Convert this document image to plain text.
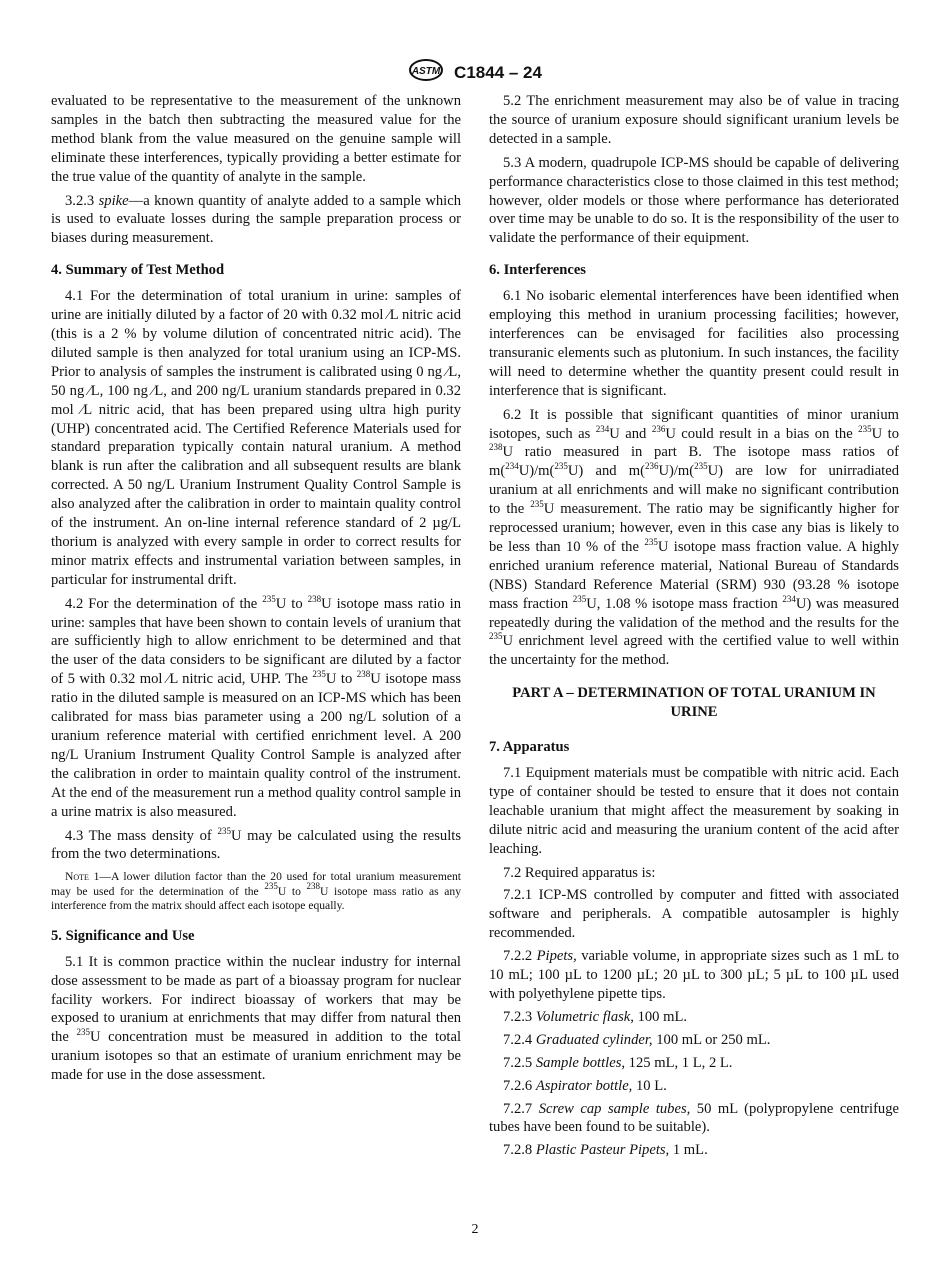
ASTM C1844 – 24

evaluated to be representative to the measurement of the unknown samples in the batch then subtracting the measured value for the method blank from the value measured on the genuine sample will eliminate these interferences, typically providing a better estimate for the true value of the quantity of analyte in the sample.

3.2.3 spike—a known quantity of analyte added to a sample which is used to evaluate losses during the sample preparation process or biases during measurement.

4. Summary of Test Method

4.1 For the determination of total uranium in urine: samples of urine are initially diluted by a factor of 20 with 0.32 mol ⁄L nitric acid (this is a 2 % by volume dilution of concentrated nitric acid). The diluted sample is then analyzed for total uranium using an ICP-MS. Prior to analysis of samples the instrument is calibrated using 0 ng ⁄L, 50 ng ⁄L, 100 ng ⁄L, and 200 ng/L uranium standards prepared in 0.32 mol ⁄L nitric acid, that has been prepared using ultra high purity (UHP) concentrated acid. The Certified Reference Materials used for standard preparation typically contain natural uranium. A method blank is run after the calibration and all subsequent results are blank corrected. A 50 ng/L Uranium Instrument Quality Control Sample is also analyzed after the calibration in order to maintain quality control of the instrument. An on-line internal reference standard of 2 µg/L thorium is analyzed with every sample in order to correct results for minor matrix effects and instrumental variation between samples, in particular for instrumental drift.

4.2 For the determination of the $^{235}$U to $^{238}$U isotope mass ratio in urine: samples that have been shown to contain levels of uranium that are sufficiently high to allow enrichment to be determined and that the user of the data considers to be significant are diluted by a factor of 5 with 0.32 mol ⁄L nitric acid, UHP. The $^{235}$U to $^{238}$U isotope mass ratio in the diluted sample is measured on an ICP-MS which has been calibrated for mass bias parameter using a 200 ng/L solution of a uranium reference material with certified enrichment level. A 200 ng/L Uranium Instrument Quality Control Sample is analyzed after the calibration in order to maintain quality control of the instrument. At the end of the measurement run a method quality control sample in a urine matrix is also measured.

4.3 The mass density of $^{235}$U may be calculated using the results from the two determinations.

Note 1—A lower dilution factor than the 20 used for total uranium measurement may be used for the determination of the $^{235}$U to $^{238}$U isotope mass ratio as any interference from the matrix should affect each isotope equally.
5. Significance and Use

5.1 It is common practice within the nuclear industry for internal dose assessment to be made as part of a bioassay program for nuclear facility workers. For indirect bioassay of workers that may be exposed to uranium at enrichments that may differ from natural then the $^{235}$U concentration must be measured in addition to the total uranium isotopes so that an estimate of uranium enrichment may be made for use in the dose assessment.

5.2 The enrichment measurement may also be of value in tracing the source of uranium exposure should significant uranium levels be detected in a sample.

5.3 A modern, quadrupole ICP-MS should be capable of delivering performance characteristics close to those claimed in this test method; however, older models or those where performance has deteriorated over time may be unable to do so. It is the responsibility of the user to validate the performance of their equipment.

6. Interferences

6.1 No isobaric elemental interferences have been identified when employing this method in uranium processing facilities; however, interferences can be envisaged for facilities also processing transuranic elements such as plutonium. In such instances, the facility will need to determine whether the quantity present could result in interference that is significant.

6.2 It is possible that significant quantities of minor uranium isotopes, such as $^{234}$U and $^{236}$U could result in a bias on the $^{235}$U to $^{238}$U ratio measured in part B. The isotope mass ratios of m($^{234}$U)/m($^{235}$U) and m($^{236}$U)/m($^{235}$U) are low for unirradiated uranium at all enrichments and will make no significant contribution to the $^{235}$U measurement. The ratio may be significantly higher for reprocessed uranium; however, even in this case any bias is likely to be less than 10 % of the $^{235}$U isotope mass fraction value. A highly enriched uranium reference material, National Bureau of Standards (NBS) Standard Reference Material (SRM) 930 (93.28 % isotope mass fraction $^{235}$U, 1.08 % isotope mass fraction $^{234}$U) was measured repeatedly during the validation of the method and the results for the $^{235}$U enrichment level agreed with the certified value to well within the uncertainty for the method.

PART A – DETERMINATION OF TOTAL URANIUM IN URINE
7. Apparatus

7.1 Equipment materials must be compatible with nitric acid. Each type of container should be tested to ensure that it does not contain leachable uranium that might affect the measurement by soaking in dilute nitric acid and measuring the uranium content of the acid after leaching.

7.2 Required apparatus is:

7.2.1 ICP-MS controlled by computer and fitted with associated software and peripherals. A compatible autosampler is highly recommended.

7.2.2 Pipets, variable volume, in appropriate sizes such as 1 mL to 10 mL; 100 µL to 1200 µL; 20 µL to 300 µL; 5 µL to 100 µL used with polyethylene pipette tips.

7.2.3 Volumetric flask, 100 mL.

7.2.4 Graduated cylinder, 100 mL or 250 mL.

7.2.5 Sample bottles, 125 mL, 1 L, 2 L.

7.2.6 Aspirator bottle, 10 L.

7.2.7 Screw cap sample tubes, 50 mL (polypropylene centrifuge tubes have been found to be suitable).

7.2.8 Plastic Pasteur Pipets, 1 mL.

2
